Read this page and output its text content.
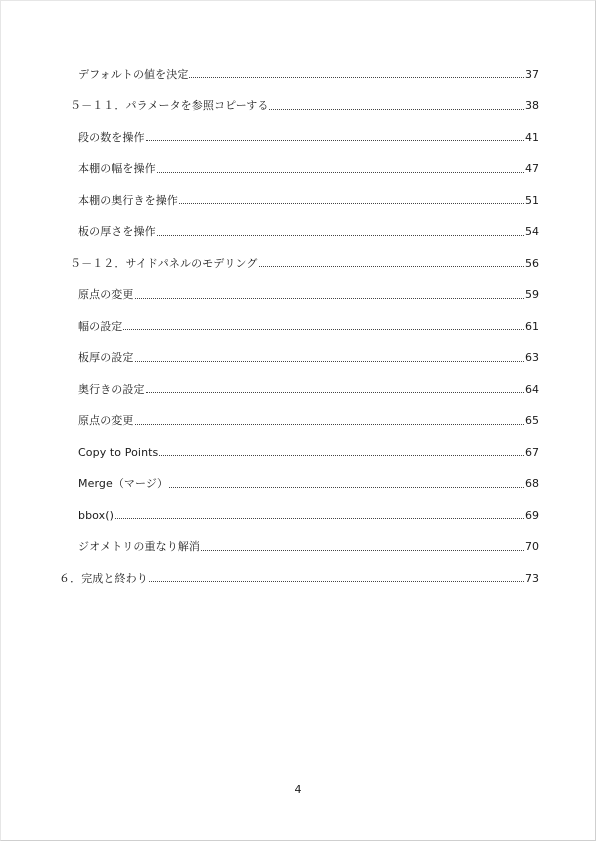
デフォルトの値を決定	37
５－１１．パラメータを参照コピーする	38
段の数を操作	41
本棚の幅を操作	47
本棚の奥行きを操作	51
板の厚さを操作	54
５－１２．サイドパネルのモデリング	56
原点の変更	59
幅の設定	61
板厚の設定	63
奥行きの設定	64
原点の変更	65
Copy to Points	67
Merge（マージ）	68
bbox()	69
ジオメトリの重なり解消	70
６．完成と終わり	73
4
